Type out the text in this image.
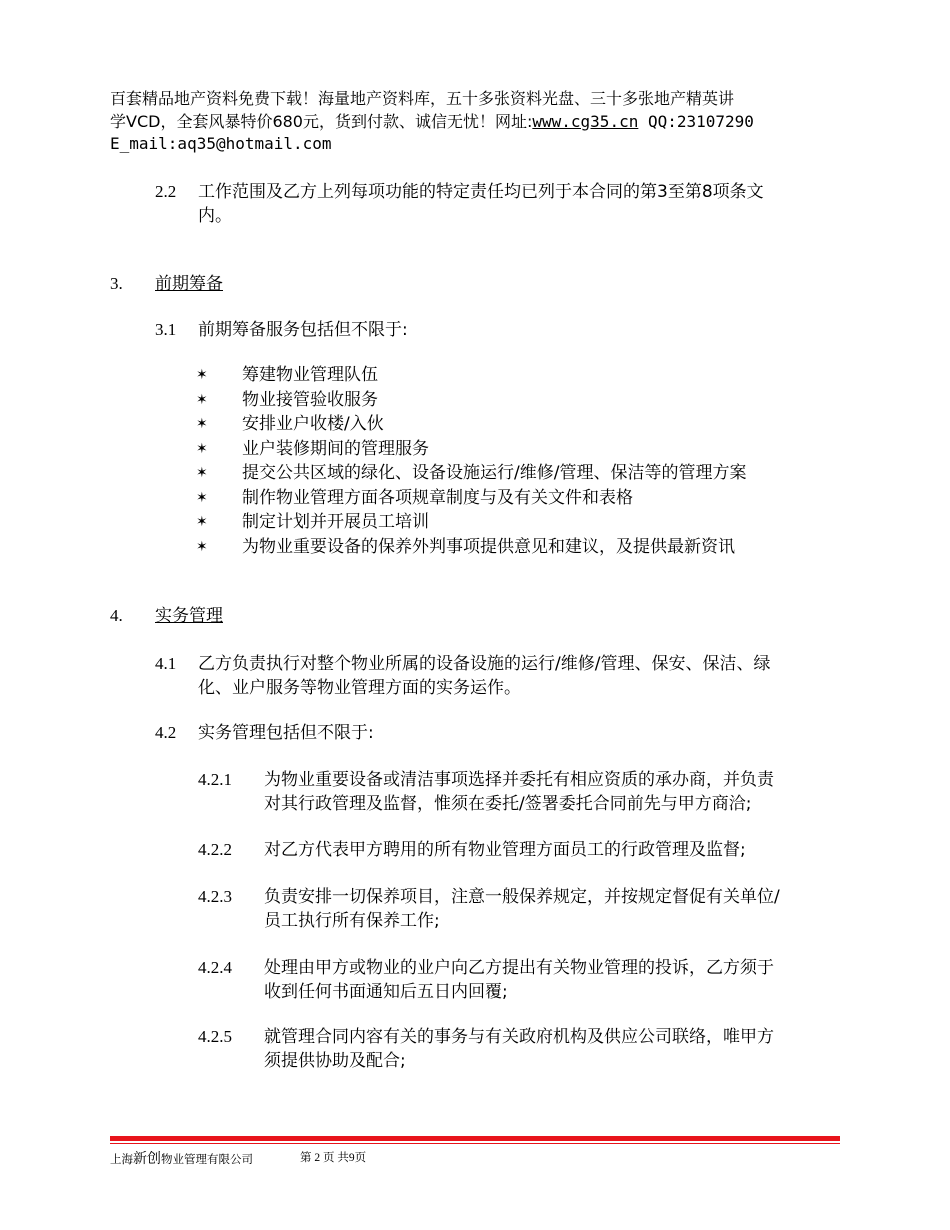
百套精品地产资料免费下载！海量地产资料库，五十多张资料光盘、三十多张地产精英讲
学VCD，全套风暴特价680元，货到付款、诚信无忧！网址:www.cg35.cn QQ:23107290
E_mail:aq35@hotmail.com
2.2 工作范围及乙方上列每项功能的特定责任均已列于本合同的第3至第8项条文
内。
3. 前期筹备
3.1 前期筹备服务包括但不限于:
✶ 筹建物业管理队伍
✶ 物业接管验收服务
✶ 安排业户收楼/入伙
✶ 业户装修期间的管理服务
✶ 提交公共区域的绿化、设备设施运行/维修/管理、保洁等的管理方案
✶ 制作物业管理方面各项规章制度与及有关文件和表格
✶ 制定计划并开展员工培训
✶ 为物业重要设备的保养外判事项提供意见和建议，及提供最新资讯
4. 实务管理
4.1 乙方负责执行对整个物业所属的设备设施的运行/维修/管理、保安、保洁、绿
化、业户服务等物业管理方面的实务运作。
4.2 实务管理包括但不限于:
4.2.1 为物业重要设备或清洁事项选择并委托有相应资质的承办商，并负责
对其行政管理及监督，惟须在委托/签署委托合同前先与甲方商洽;
4.2.2 对乙方代表甲方聘用的所有物业管理方面员工的行政管理及监督;
4.2.3 负责安排一切保养项目，注意一般保养规定，并按规定督促有关单位/
员工执行所有保养工作;
4.2.4 处理由甲方或物业的业户向乙方提出有关物业管理的投诉，乙方须于
收到任何书面通知后五日内回覆;
4.2.5 就管理合同内容有关的事务与有关政府机构及供应公司联络，唯甲方
须提供协助及配合;
上海新创物业管理有限公司	第 2 页 共9页
